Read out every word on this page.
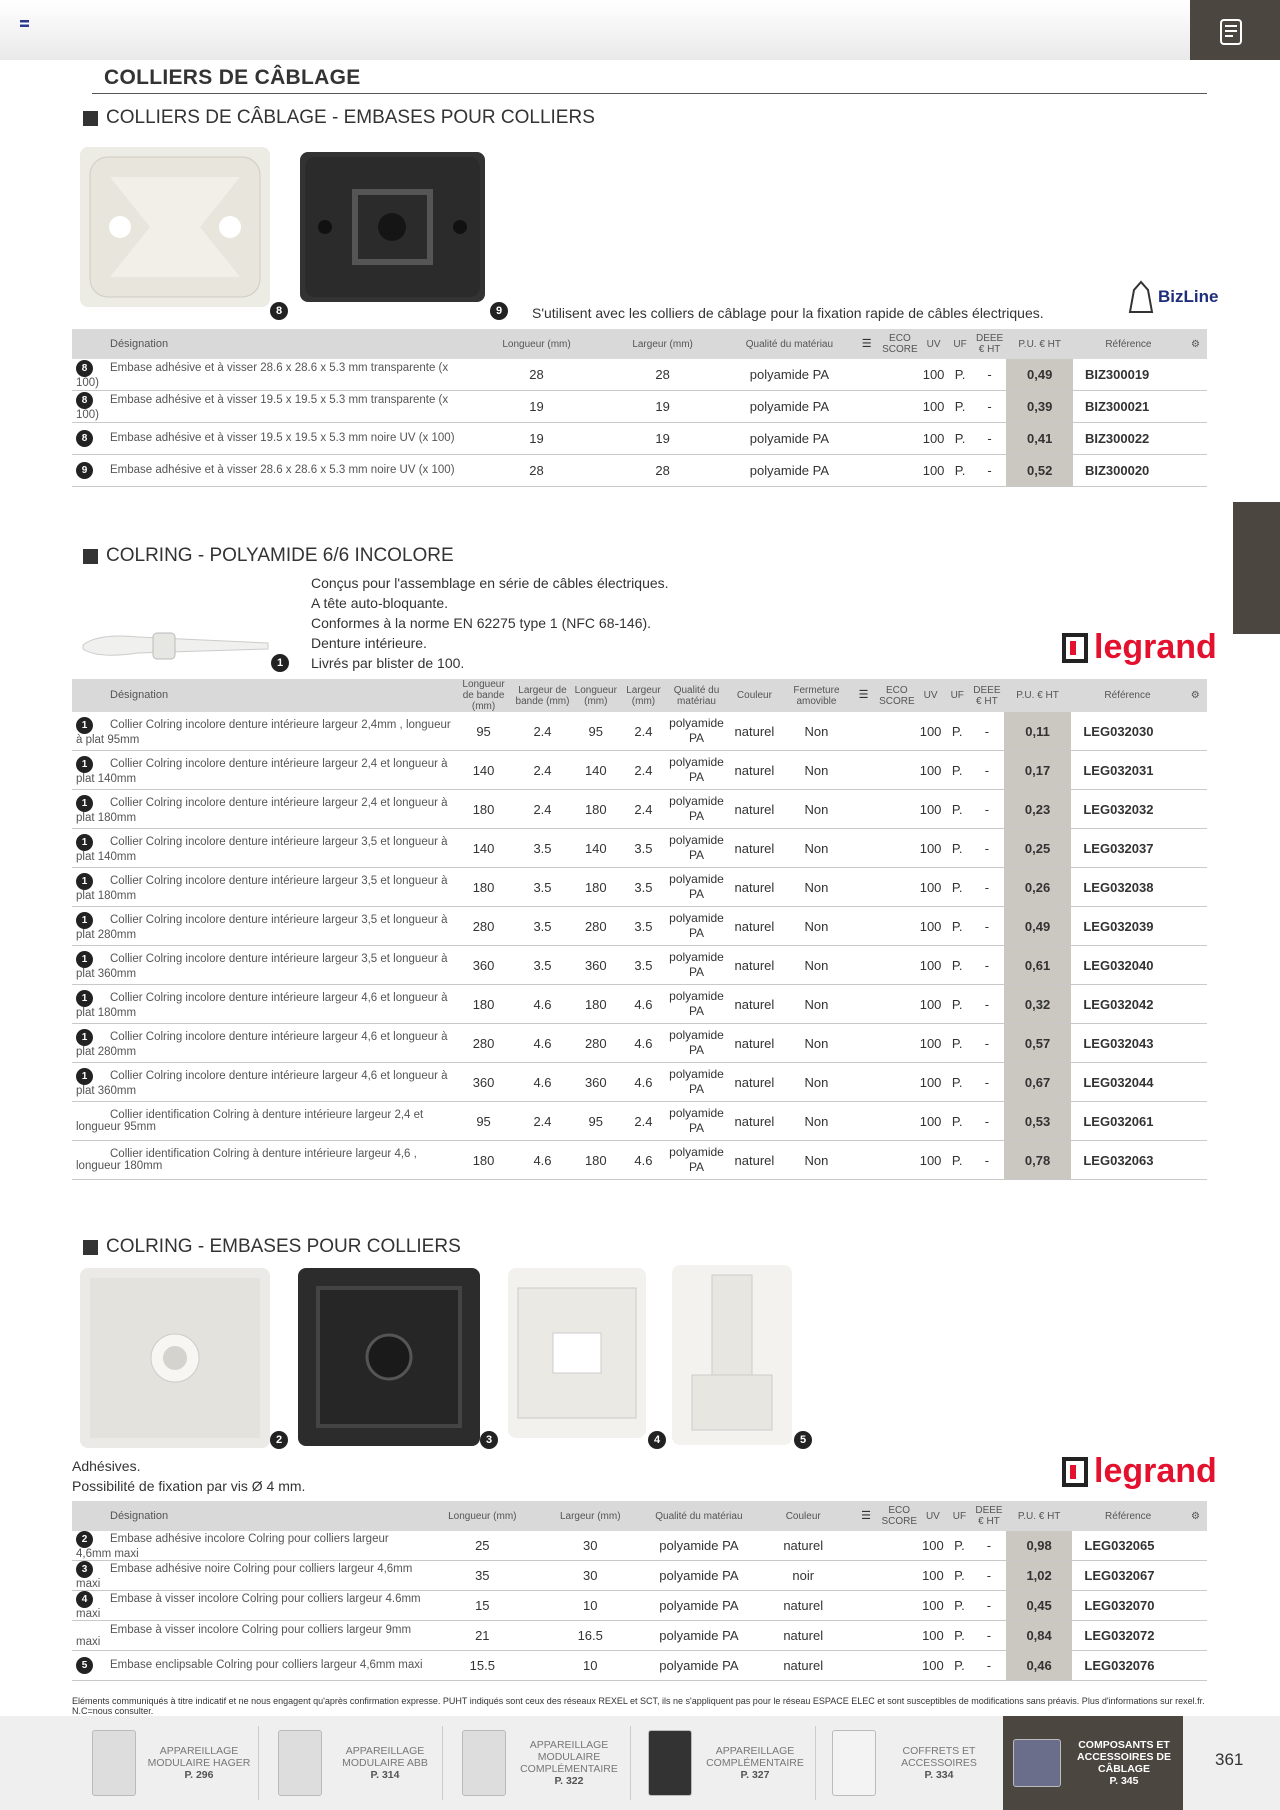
COLLIERS DE CÂBLAGE
COLLIERS DE CÂBLAGE - EMBASES POUR COLLIERS
8	9 S'utilisent avec les colliers de câblage pour la fixation rapide de câbles électriques.
BizLine
Désignation	Longueur (mm)	Largeur (mm)	Qualité du matériau	☰	ECO SCORE	UV	UF	DEEE € HT	P.U. € HT	Référence	⚙
8 Embase adhésive et à visser 28.6 x 28.6 x 5.3 mm transparente (x 100)	28	28	polyamide PA			100	P.	-	0,49	BIZ300019	
8 Embase adhésive et à visser 19.5 x 19.5 x 5.3 mm transparente (x 100)	19	19	polyamide PA			100	P.	-	0,39	BIZ300021	
8 Embase adhésive et à visser 19.5 x 19.5 x 5.3 mm noire UV (x 100)	19	19	polyamide PA			100	P.	-	0,41	BIZ300022	
9 Embase adhésive et à visser 28.6 x 28.6 x 5.3 mm noire UV (x 100)	28	28	polyamide PA			100	P.	-	0,52	BIZ300020	
COLRING - POLYAMIDE 6/6 INCOLORE
1
Conçus pour l'assemblage en série de câbles électriques.
A tête auto-bloquante.
Conformes à la norme EN 62275 type 1 (NFC 68-146).
Denture intérieure.
Livrés par blister de 100.	legrand
Désignation	Longueur de bande (mm)	Largeur de bande (mm)	Longueur (mm)	Largeur (mm)	Qualité du matériau	Couleur	Fermeture amovible	☰	ECO SCORE	UV	UF	DEEE € HT	P.U. € HT	Référence	⚙
1 Collier Colring incolore denture intérieure largeur 2,4mm , longueur à plat 95mm	95	2.4	95	2.4	polyamide PA	naturel	Non			100	P.	-	0,11	LEG032030	
1 Collier Colring incolore denture intérieure largeur 2,4 et longueur à plat 140mm	140	2.4	140	2.4	polyamide PA	naturel	Non			100	P.	-	0,17	LEG032031	
1 Collier Colring incolore denture intérieure largeur 2,4 et longueur à plat 180mm	180	2.4	180	2.4	polyamide PA	naturel	Non			100	P.	-	0,23	LEG032032	
1 Collier Colring incolore denture intérieure largeur 3,5 et longueur à plat 140mm	140	3.5	140	3.5	polyamide PA	naturel	Non			100	P.	-	0,25	LEG032037	
1 Collier Colring incolore denture intérieure largeur 3,5 et longueur à plat 180mm	180	3.5	180	3.5	polyamide PA	naturel	Non			100	P.	-	0,26	LEG032038	
1 Collier Colring incolore denture intérieure largeur 3,5 et longueur à plat 280mm	280	3.5	280	3.5	polyamide PA	naturel	Non			100	P.	-	0,49	LEG032039	
1 Collier Colring incolore denture intérieure largeur 3,5 et longueur à plat 360mm	360	3.5	360	3.5	polyamide PA	naturel	Non			100	P.	-	0,61	LEG032040	
1 Collier Colring incolore denture intérieure largeur 4,6 et longueur à plat 180mm	180	4.6	180	4.6	polyamide PA	naturel	Non			100	P.	-	0,32	LEG032042	
1 Collier Colring incolore denture intérieure largeur 4,6 et longueur à plat 280mm	280	4.6	280	4.6	polyamide PA	naturel	Non			100	P.	-	0,57	LEG032043	
1 Collier Colring incolore denture intérieure largeur 4,6 et longueur à plat 360mm	360	4.6	360	4.6	polyamide PA	naturel	Non			100	P.	-	0,67	LEG032044	
Collier identification Colring à denture intérieure largeur 2,4 et longueur 95mm	95	2.4	95	2.4	polyamide PA	naturel	Non			100	P.	-	0,53	LEG032061	
Collier identification Colring à denture intérieure largeur 4,6 , longueur 180mm	180	4.6	180	4.6	polyamide PA	naturel	Non			100	P.	-	0,78	LEG032063	
COLRING - EMBASES POUR COLLIERS
2	3	4	5
Adhésives.
Possibilité de fixation par vis Ø 4 mm.	legrand
Désignation	Longueur (mm)	Largeur (mm)	Qualité du matériau	Couleur	☰	ECO SCORE	UV	UF	DEEE € HT	P.U. € HT	Référence	⚙
2 Embase adhésive incolore Colring pour colliers largeur 4,6mm maxi	25	30	polyamide PA	naturel			100	P.	-	0,98	LEG032065	
3 Embase adhésive noire Colring pour colliers largeur 4,6mm maxi	35	30	polyamide PA	noir			100	P.	-	1,02	LEG032067	
4 Embase à visser incolore Colring pour colliers largeur 4.6mm maxi	15	10	polyamide PA	naturel			100	P.	-	0,45	LEG032070	
Embase à visser incolore Colring pour colliers largeur 9mm maxi	21	16.5	polyamide PA	naturel			100	P.	-	0,84	LEG032072	
5 Embase enclipsable Colring pour colliers largeur 4,6mm maxi	15.5	10	polyamide PA	naturel			100	P.	-	0,46	LEG032076	
Eléments communiqués à titre indicatif et ne nous engagent qu'après confirmation expresse. PUHT indiqués sont ceux des réseaux REXEL et SCT, ils ne s'appliquent pas pour le réseau ESPACE ELEC et sont susceptibles de modifications sans préavis. Plus d'informations sur rexel.fr. N.C=nous consulter.
APPAREILLAGE MODULAIRE HAGER
P. 296
APPAREILLAGE MODULAIRE ABB
P. 314
APPAREILLAGE MODULAIRE COMPLÉMENTAIRE
P. 322
APPAREILLAGE COMPLÉMENTAIRE
P. 327
COFFRETS ET ACCESSOIRES
P. 334
COMPOSANTS ET ACCESSOIRES DE CÂBLAGE
P. 345
361
